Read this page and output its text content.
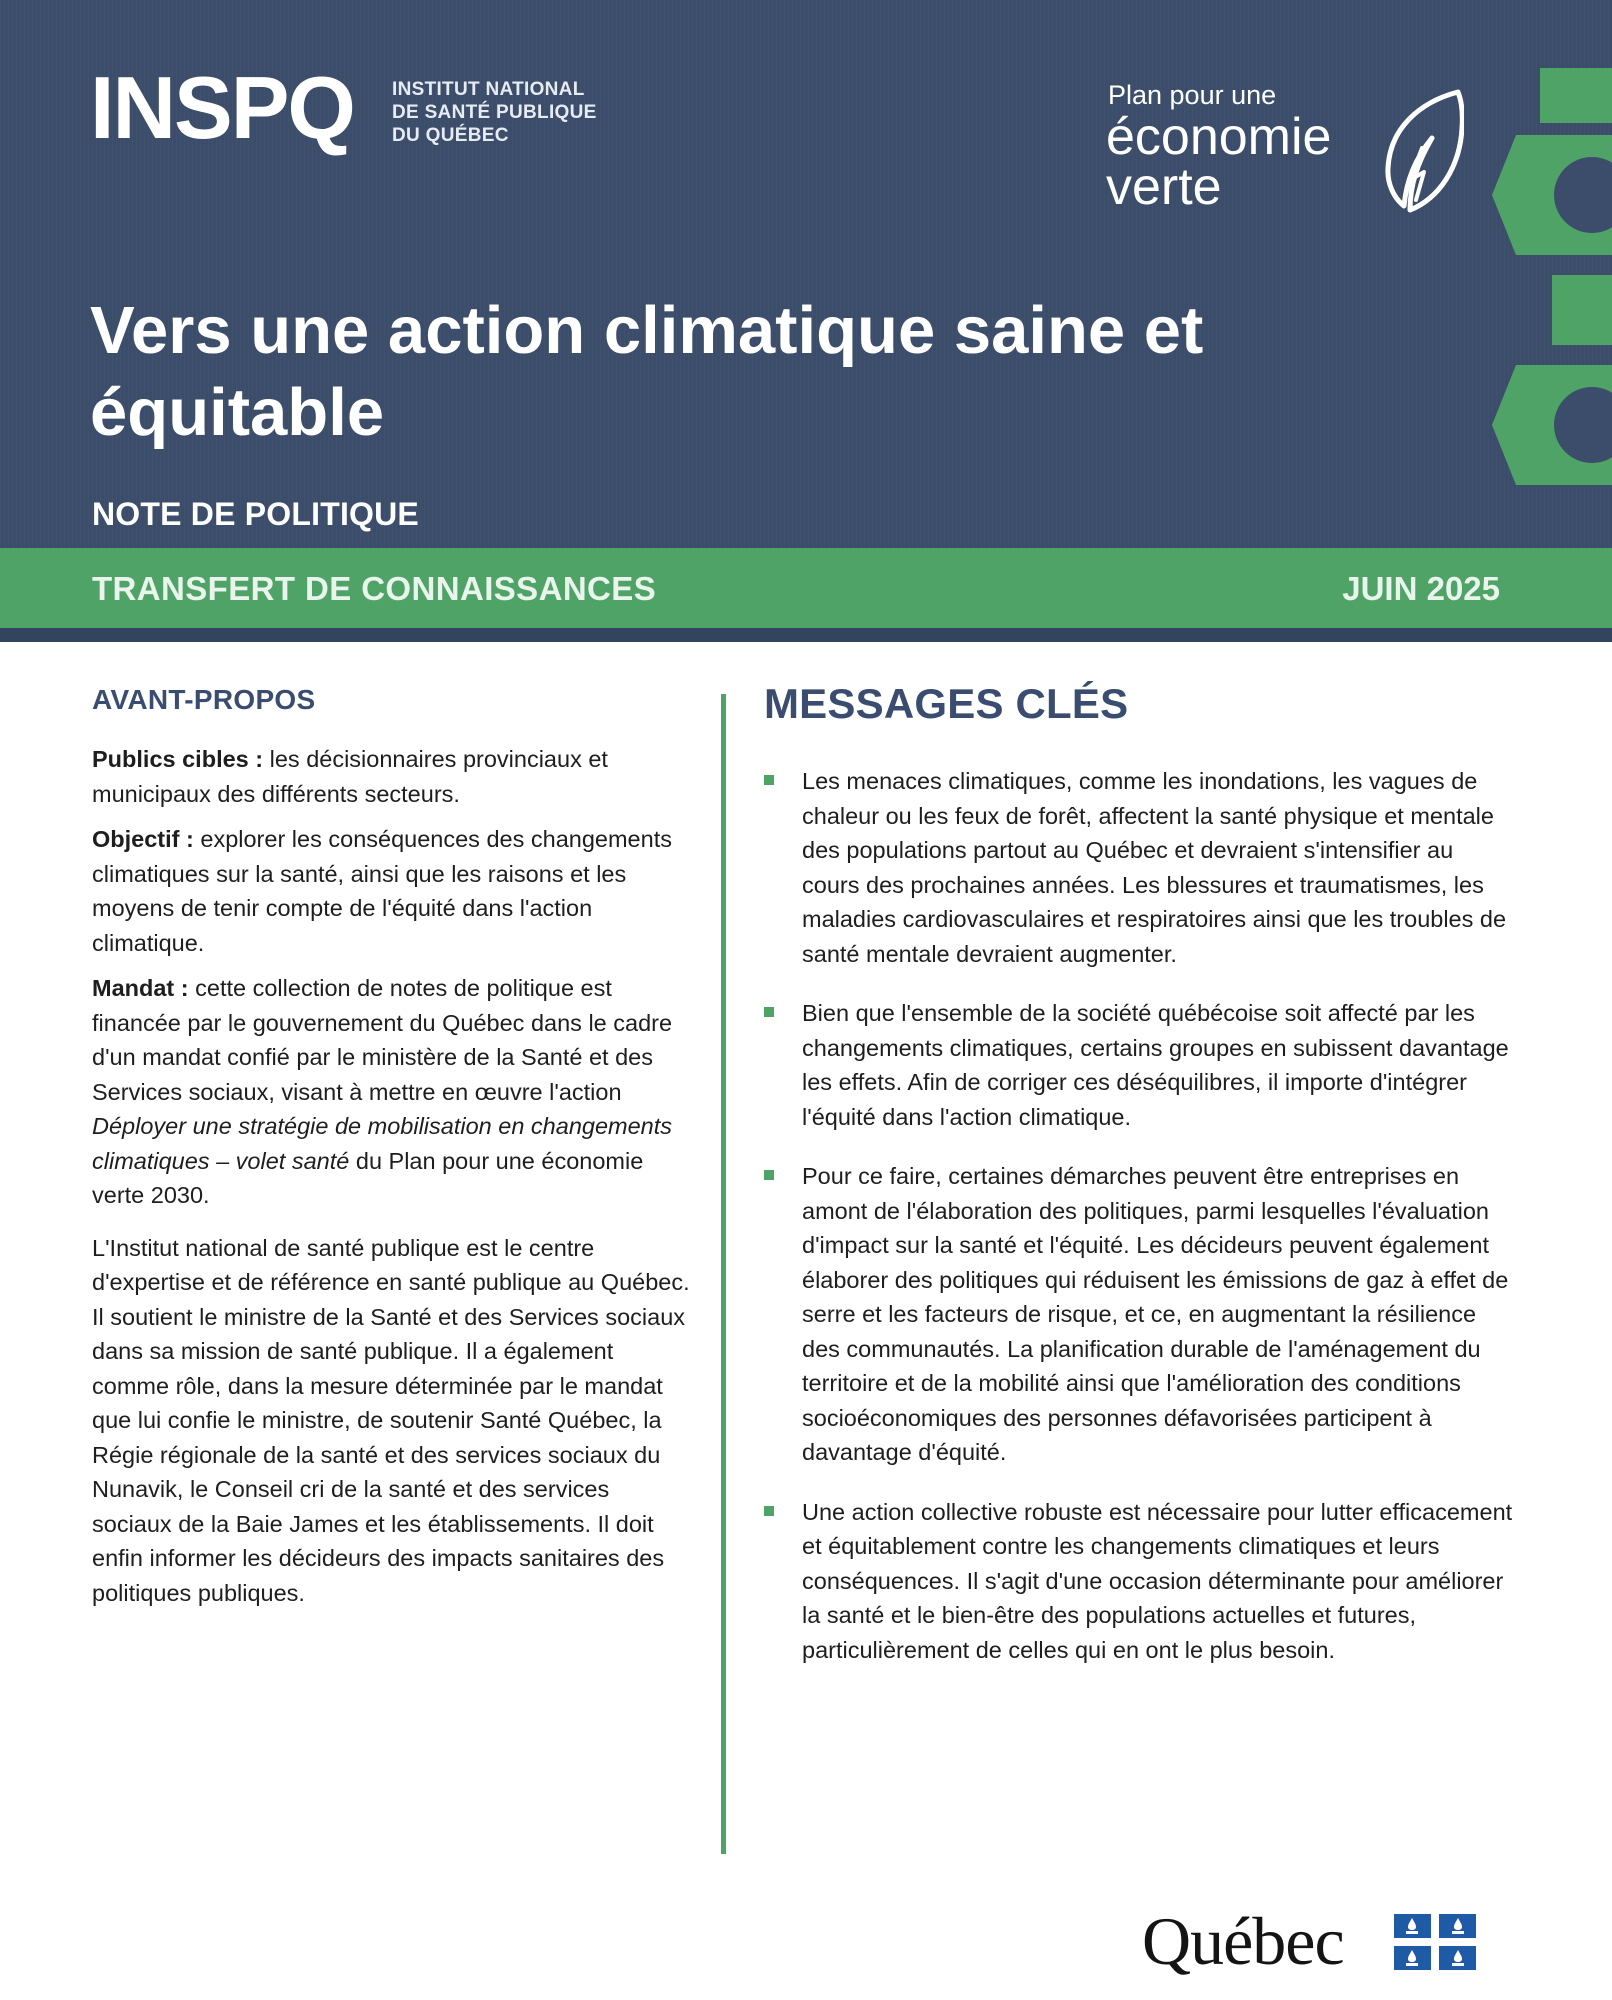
INSPQ INSTITUT NATIONAL
DE SANTÉ PUBLIQUE
DU QUÉBEC
Plan pour une
économie
verte
Vers une action climatique saine et équitable
NOTE DE POLITIQUE
TRANSFERT DE CONNAISSANCES	JUIN 2025
AVANT-PROPOS

Publics cibles : les décisionnaires provinciaux et municipaux des différents secteurs.

Objectif : explorer les conséquences des changements climatiques sur la santé, ainsi que les raisons et les moyens de tenir compte de l'équité dans l'action climatique.

Mandat : cette collection de notes de politique est financée par le gouvernement du Québec dans le cadre d'un mandat confié par le ministère de la Santé et des Services sociaux, visant à mettre en œuvre l'action Déployer une stratégie de mobilisation en changements climatiques – volet santé du Plan pour une économie verte 2030.

L'Institut national de santé publique est le centre d'expertise et de référence en santé publique au Québec. Il soutient le ministre de la Santé et des Services sociaux dans sa mission de santé publique. Il a également comme rôle, dans la mesure déterminée par le mandat que lui confie le ministre, de soutenir Santé Québec, la Régie régionale de la santé et des services sociaux du Nunavik, le Conseil cri de la santé et des services sociaux de la Baie James et les établissements. Il doit enfin informer les décideurs des impacts sanitaires des politiques publiques.

MESSAGES CLÉS
Les menaces climatiques, comme les inondations, les vagues de chaleur ou les feux de forêt, affectent la santé physique et mentale des populations partout au Québec et devraient s'intensifier au cours des prochaines années. Les blessures et traumatismes, les maladies cardiovasculaires et respiratoires ainsi que les troubles de santé mentale devraient augmenter.
Bien que l'ensemble de la société québécoise soit affecté par les changements climatiques, certains groupes en subissent davantage les effets. Afin de corriger ces déséquilibres, il importe d'intégrer l'équité dans l'action climatique.
Pour ce faire, certaines démarches peuvent être entreprises en amont de l'élaboration des politiques, parmi lesquelles l'évaluation d'impact sur la santé et l'équité. Les décideurs peuvent également élaborer des politiques qui réduisent les émissions de gaz à effet de serre et les facteurs de risque, et ce, en augmentant la résilience des communautés. La planification durable de l'aménagement du territoire et de la mobilité ainsi que l'amélioration des conditions socioéconomiques des personnes défavorisées participent à davantage d'équité.
Une action collective robuste est nécessaire pour lutter efficacement et équitablement contre les changements climatiques et leurs conséquences. Il s'agit d'une occasion déterminante pour améliorer la santé et le bien-être des populations actuelles et futures, particulièrement de celles qui en ont le plus besoin.
Québec
